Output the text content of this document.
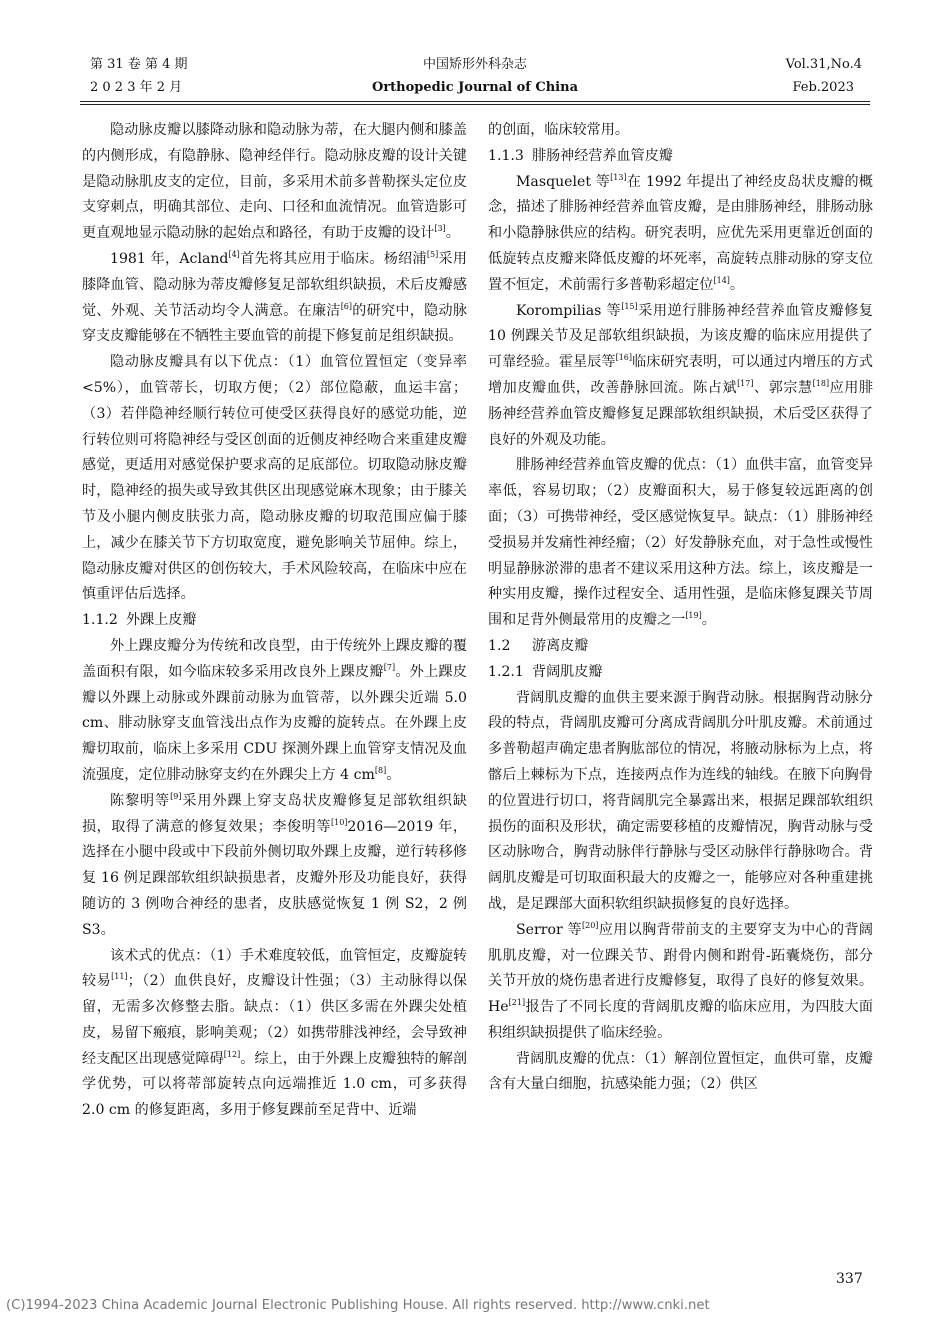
第 31 卷 第 4 期
2 0 2 3 年 2 月
中国矫形外科杂志
Orthopedic Journal of China
Vol.31,No.4
Feb.2023

隐动脉皮瓣以膝降动脉和隐动脉为蒂，在大腿内侧和膝盖的内侧形成，有隐静脉、隐神经伴行。隐动脉皮瓣的设计关键是隐动脉肌皮支的定位，目前，多采用术前多普勒探头定位皮支穿刺点，明确其部位、走向、口径和血流情况。血管造影可更直观地显示隐动脉的起始点和路径，有助于皮瓣的设计[3]。

1981 年，Acland[4]首先将其应用于临床。杨绍浦[5]采用膝降血管、隐动脉为蒂皮瓣修复足部软组织缺损，术后皮瓣感觉、外观、关节活动均令人满意。在廉洁[6]的研究中，隐动脉穿支皮瓣能够在不牺牲主要血管的前提下修复前足组织缺损。

隐动脉皮瓣具有以下优点：（1）血管位置恒定（变异率<5%），血管蒂长，切取方便；（2）部位隐蔽，血运丰富；（3）若伴隐神经顺行转位可使受区获得良好的感觉功能，逆行转位则可将隐神经与受区创面的近侧皮神经吻合来重建皮瓣感觉，更适用对感觉保护要求高的足底部位。切取隐动脉皮瓣时，隐神经的损失或导致其供区出现感觉麻木现象；由于膝关节及小腿内侧皮肤张力高，隐动脉皮瓣的切取范围应偏于膝上，减少在膝关节下方切取宽度，避免影响关节屈伸。综上，隐动脉皮瓣对供区的创伤较大，手术风险较高，在临床中应在慎重评估后选择。

1.1.2 外踝上皮瓣

外上踝皮瓣分为传统和改良型，由于传统外上踝皮瓣的覆盖面积有限，如今临床较多采用改良外上踝皮瓣[7]。外上踝皮瓣以外踝上动脉或外踝前动脉为血管蒂，以外踝尖近端 5.0 cm、腓动脉穿支血管浅出点作为皮瓣的旋转点。在外踝上皮瓣切取前，临床上多采用 CDU 探测外踝上血管穿支情况及血流强度，定位腓动脉穿支约在外踝尖上方 4 cm[8]。

陈黎明等[9]采用外踝上穿支岛状皮瓣修复足部软组织缺损，取得了满意的修复效果；李俊明等[10]2016—2019 年，选择在小腿中段或中下段前外侧切取外踝上皮瓣，逆行转移修复 16 例足踝部软组织缺损患者，皮瓣外形及功能良好，获得随访的 3 例吻合神经的患者，皮肤感觉恢复 1 例 S2，2 例 S3。

该术式的优点：（1）手术难度较低，血管恒定，皮瓣旋转较易[11]；（2）血供良好，皮瓣设计性强；（3）主动脉得以保留，无需多次修整去脂。缺点：（1）供区多需在外踝尖处植皮，易留下瘢痕，影响美观；（2）如携带腓浅神经，会导致神经支配区出现感觉障碍[12]。综上，由于外踝上皮瓣独特的解剖学优势，可以将蒂部旋转点向远端推近 1.0 cm，可多获得 2.0 cm 的修复距离，多用于修复踝前至足背中、近端

的创面，临床较常用。

1.1.3 腓肠神经营养血管皮瓣

Masquelet 等[13]在 1992 年提出了神经皮岛状皮瓣的概念，描述了腓肠神经营养血管皮瓣，是由腓肠神经，腓肠动脉和小隐静脉供应的结构。研究表明，应优先采用更靠近创面的低旋转点皮瓣来降低皮瓣的坏死率，高旋转点腓动脉的穿支位置不恒定，术前需行多普勒彩超定位[14]。

Korompilias 等[15]采用逆行腓肠神经营养血管皮瓣修复 10 例踝关节及足部软组织缺损，为该皮瓣的临床应用提供了可靠经验。霍星辰等[16]临床研究表明，可以通过内增压的方式增加皮瓣血供，改善静脉回流。陈占斌[17]、郭宗慧[18]应用腓肠神经营养血管皮瓣修复足踝部软组织缺损，术后受区获得了良好的外观及功能。

腓肠神经营养血管皮瓣的优点：（1）血供丰富，血管变异率低，容易切取；（2）皮瓣面积大，易于修复较远距离的创面；（3）可携带神经，受区感觉恢复早。缺点：（1）腓肠神经受损易并发痛性神经瘤；（2）好发静脉充血，对于急性或慢性明显静脉淤滞的患者不建议采用这种方法。综上，该皮瓣是一种实用皮瓣，操作过程安全、适用性强，是临床修复踝关节周围和足背外侧最常用的皮瓣之一[19]。

1.2 游离皮瓣
1.2.1 背阔肌皮瓣

背阔肌皮瓣的血供主要来源于胸背动脉。根据胸背动脉分段的特点，背阔肌皮瓣可分离成背阔肌分叶肌皮瓣。术前通过多普勒超声确定患者胸肱部位的情况，将腋动脉标为上点，将髂后上棘标为下点，连接两点作为连线的轴线。在腋下向胸骨的位置进行切口，将背阔肌完全暴露出来，根据足踝部软组织损伤的面积及形状，确定需要移植的皮瓣情况，胸背动脉与受区动脉吻合，胸背动脉伴行静脉与受区动脉伴行静脉吻合。背阔肌皮瓣是可切取面积最大的皮瓣之一，能够应对各种重建挑战，是足踝部大面积软组织缺损修复的良好选择。

Serror 等[20]应用以胸背带前支的主要穿支为中心的背阔肌肌皮瓣，对一位踝关节、跗骨内侧和跗骨-跖囊烧伤，部分关节开放的烧伤患者进行皮瓣修复，取得了良好的修复效果。He[21]报告了不同长度的背阔肌皮瓣的临床应用，为四肢大面积组织缺损提供了临床经验。

背阔肌皮瓣的优点：（1）解剖位置恒定，血供可靠，皮瓣含有大量白细胞，抗感染能力强；（2）供区

337
(C)1994-2023 China Academic Journal Electronic Publishing House. All rights reserved. http://www.cnki.net
